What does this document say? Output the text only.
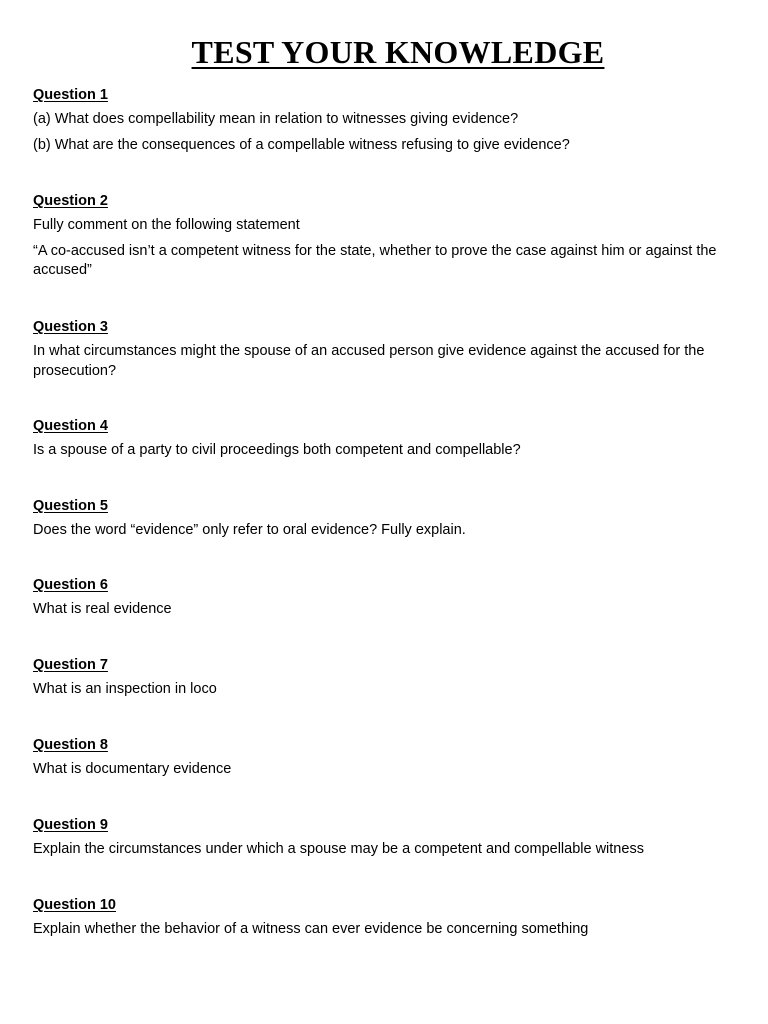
TEST YOUR KNOWLEDGE

Question 1

(a) What does compellability mean in relation to witnesses giving evidence?

(b) What are the consequences of a compellable witness refusing to give evidence?

Question 2

Fully comment on the following statement

“A co-accused isn’t a competent witness for the state, whether to prove the case against him or against the accused”

Question 3

In what circumstances might the spouse of an accused person give evidence against the accused for the prosecution?

Question 4

Is a spouse of a party to civil proceedings both competent and compellable?

Question 5

Does the word “evidence” only refer to oral evidence? Fully explain.

Question 6

What is real evidence

Question 7

What is an inspection in loco

Question 8

What is documentary evidence

Question 9

Explain the circumstances under which a spouse may be a competent and compellable witness

Question 10

Explain whether the behavior of a witness can ever evidence be concerning something
